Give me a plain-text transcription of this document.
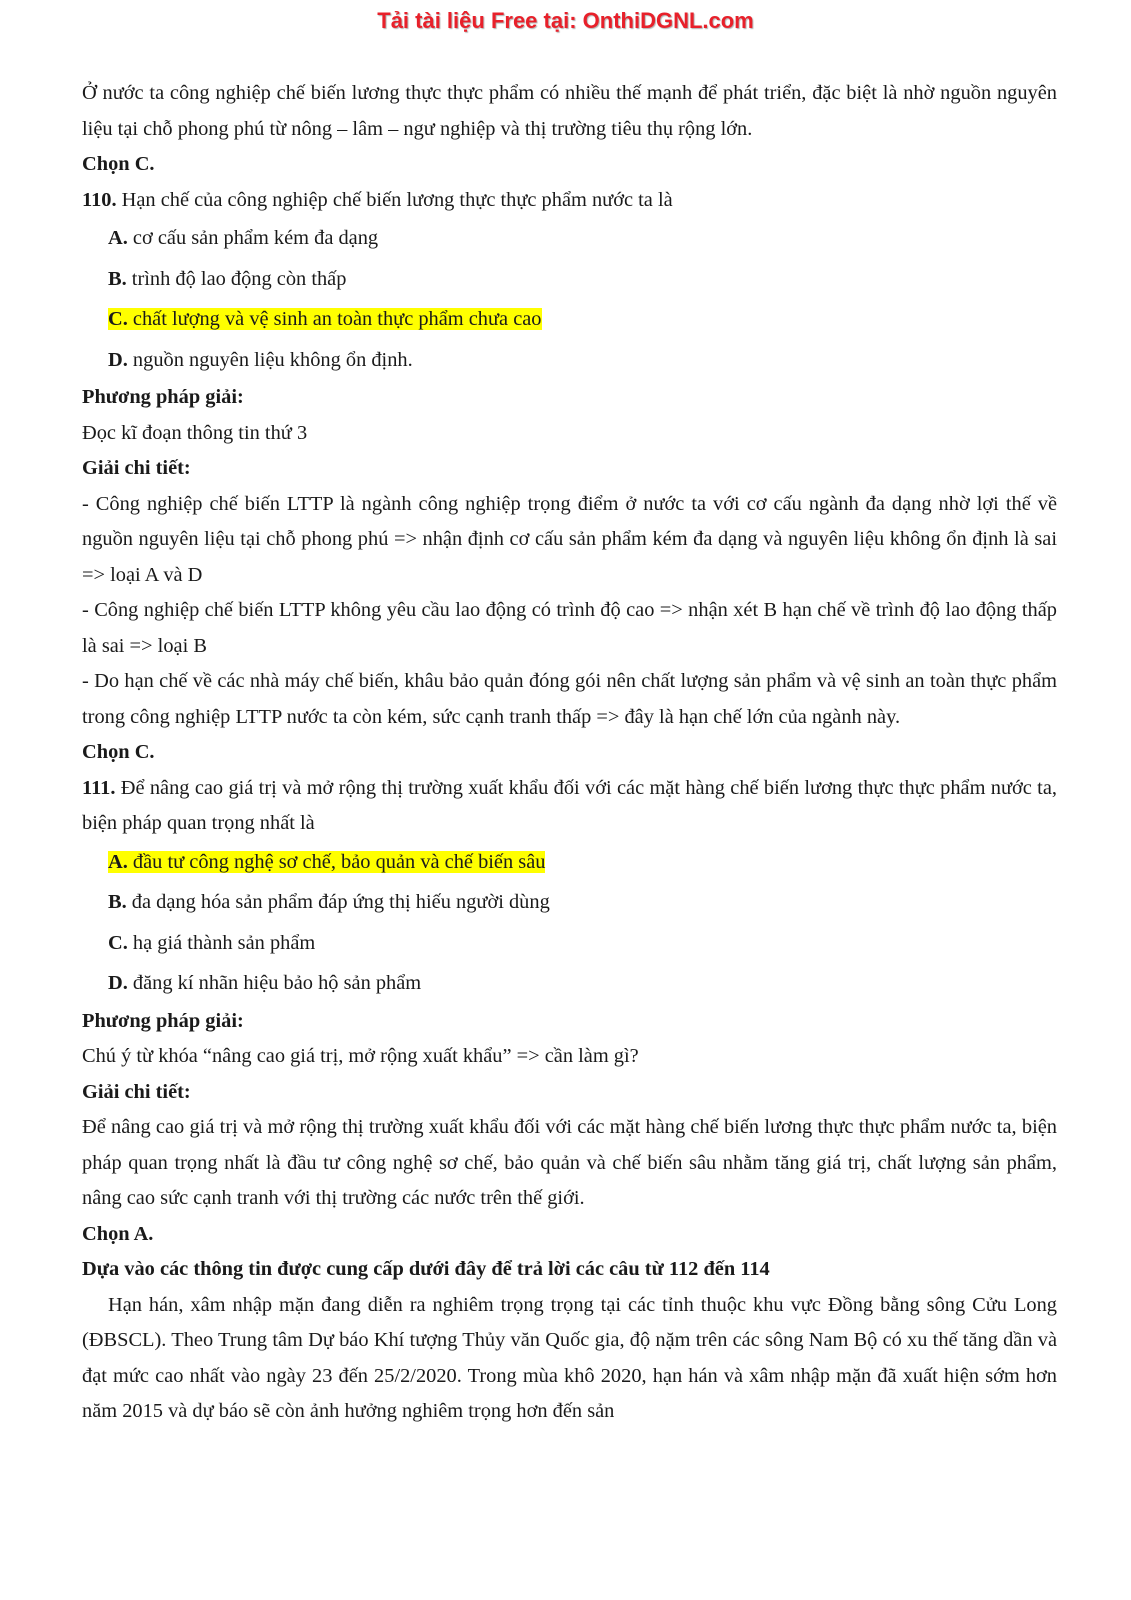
Tải tài liệu Free tại: OnthiDGNL.com

Ở nước ta công nghiệp chế biến lương thực thực phẩm có nhiều thế mạnh để phát triển, đặc biệt là nhờ nguồn nguyên liệu tại chỗ phong phú từ nông – lâm – ngư nghiệp và thị trường tiêu thụ rộng lớn.

Chọn C.

110. Hạn chế của công nghiệp chế biến lương thực thực phẩm nước ta là

A. cơ cấu sản phẩm kém đa dạng

B. trình độ lao động còn thấp

C. chất lượng và vệ sinh an toàn thực phẩm chưa cao

D. nguồn nguyên liệu không ổn định.

Phương pháp giải:

Đọc kĩ đoạn thông tin thứ 3

Giải chi tiết:

- Công nghiệp chế biến LTTP là ngành công nghiệp trọng điểm ở nước ta với cơ cấu ngành đa dạng nhờ lợi thế về nguồn nguyên liệu tại chỗ phong phú => nhận định cơ cấu sản phẩm kém đa dạng và nguyên liệu không ổn định là sai => loại A và D

- Công nghiệp chế biến LTTP không yêu cầu lao động có trình độ cao => nhận xét B hạn chế về trình độ lao động thấp là sai => loại B

- Do hạn chế về các nhà máy chế biến, khâu bảo quản đóng gói nên chất lượng sản phẩm và vệ sinh an toàn thực phẩm trong công nghiệp LTTP nước ta còn kém, sức cạnh tranh thấp => đây là hạn chế lớn của ngành này.

Chọn C.

111. Để nâng cao giá trị và mở rộng thị trường xuất khẩu đối với các mặt hàng chế biến lương thực thực phẩm nước ta, biện pháp quan trọng nhất là

A. đầu tư công nghệ sơ chế, bảo quản và chế biến sâu

B. đa dạng hóa sản phẩm đáp ứng thị hiếu người dùng

C. hạ giá thành sản phẩm

D. đăng kí nhãn hiệu bảo hộ sản phẩm

Phương pháp giải:

Chú ý từ khóa “nâng cao giá trị, mở rộng xuất khẩu” => cần làm gì?

Giải chi tiết:

Để nâng cao giá trị và mở rộng thị trường xuất khẩu đối với các mặt hàng chế biến lương thực thực phẩm nước ta, biện pháp quan trọng nhất là đầu tư công nghệ sơ chế, bảo quản và chế biến sâu nhằm tăng giá trị, chất lượng sản phẩm, nâng cao sức cạnh tranh với thị trường các nước trên thế giới.

Chọn A.

Dựa vào các thông tin được cung cấp dưới đây để trả lời các câu từ 112 đến 114

Hạn hán, xâm nhập mặn đang diễn ra nghiêm trọng trọng tại các tỉnh thuộc khu vực Đồng bằng sông Cửu Long (ĐBSCL). Theo Trung tâm Dự báo Khí tượng Thủy văn Quốc gia, độ nặm trên các sông Nam Bộ có xu thế tăng dần và đạt mức cao nhất vào ngày 23 đến 25/2/2020. Trong mùa khô 2020, hạn hán và xâm nhập mặn đã xuất hiện sớm hơn năm 2015 và dự báo sẽ còn ảnh hưởng nghiêm trọng hơn đến sản
